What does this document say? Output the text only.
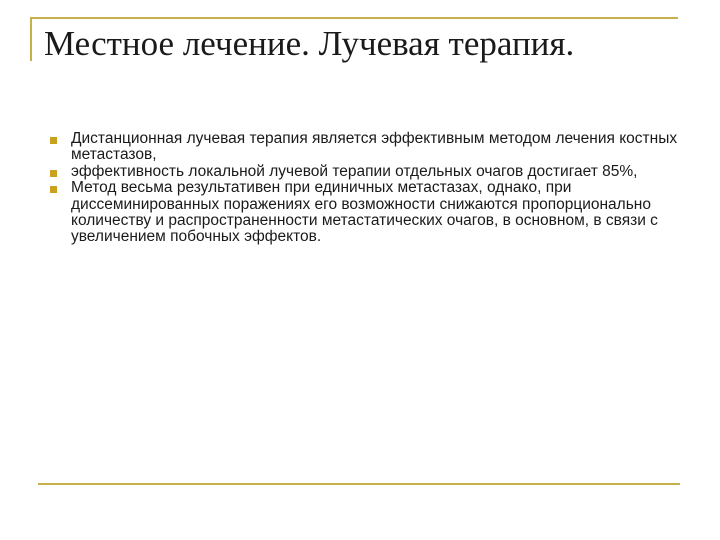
Местное лечение. Лучевая терапия.
Дистанционная лучевая терапия является эффективным методом лечения костных метастазов,
эффективность локальной лучевой терапии отдельных очагов достигает 85%,
Метод весьма результативен при единичных метастазах, однако, при диссеминированных поражениях его возможности снижаются пропорционально количеству и распространенности метастатических очагов, в основном, в связи с увеличением побочных эффектов.
